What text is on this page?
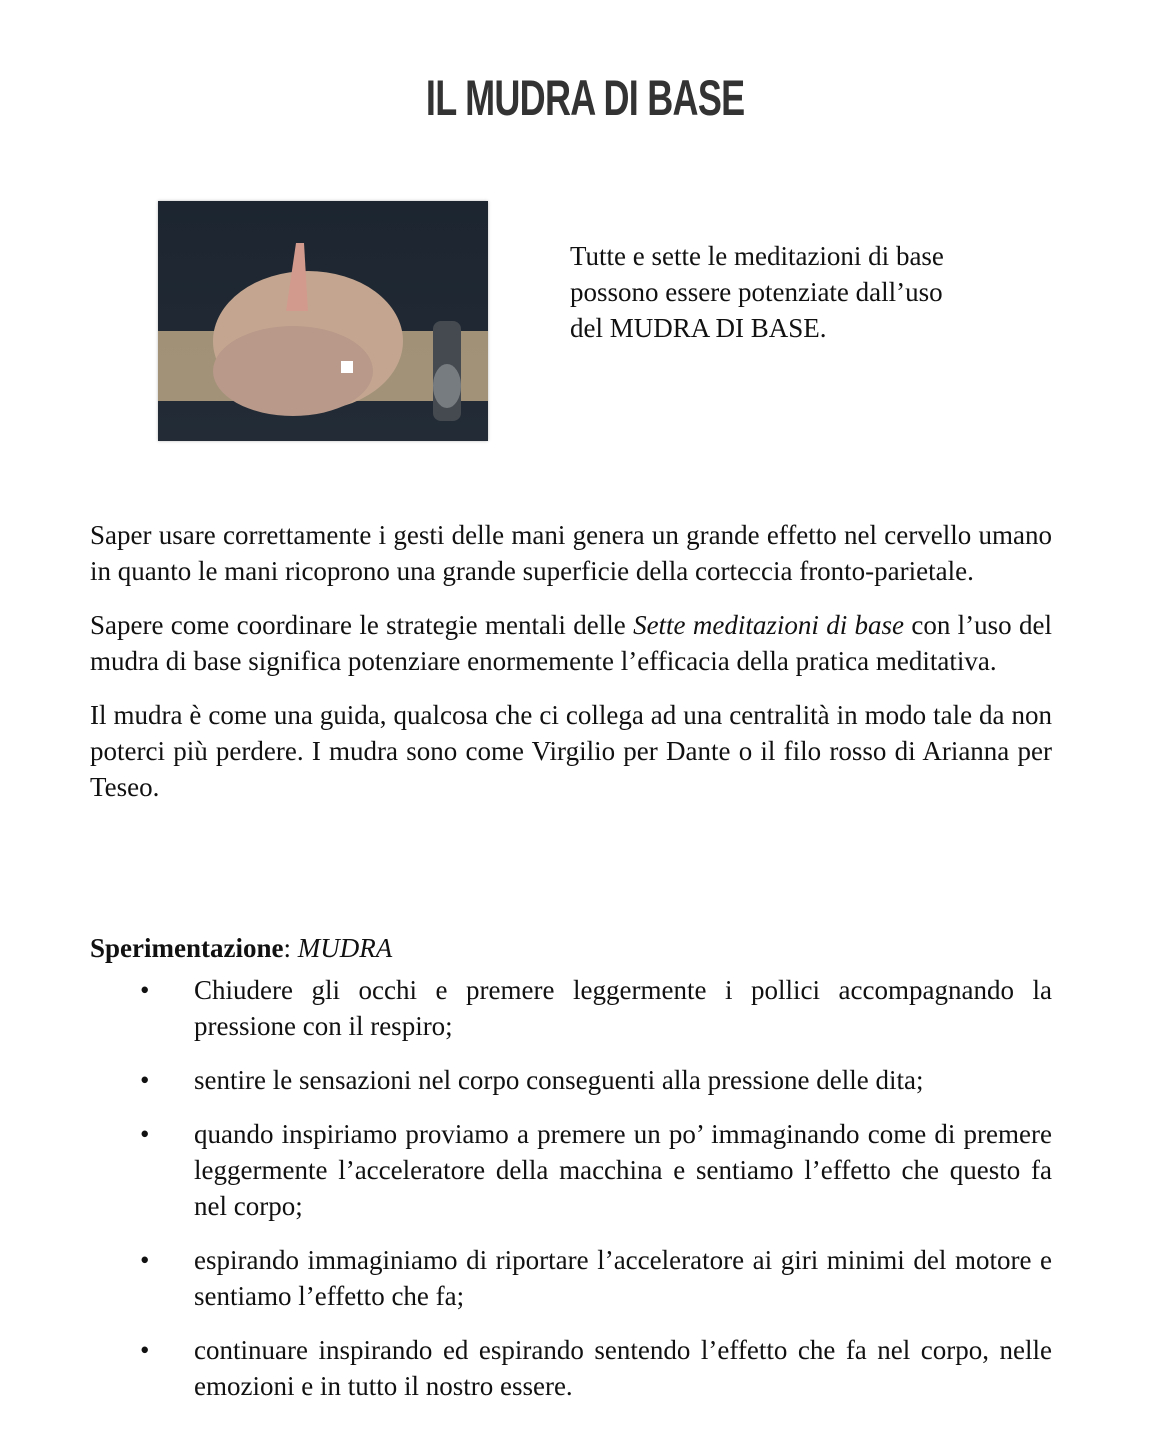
IL MUDRA DI BASE
Tutte e sette le meditazioni di base possono essere potenziate dall’uso del MUDRA DI BASE.

Saper usare correttamente i gesti delle mani genera un grande effetto nel cervello umano in quanto le mani ricoprono una grande superficie della corteccia fronto-parietale.

Sapere come coordinare le strategie mentali delle Sette meditazioni di base con l’uso del mudra di base significa potenziare enormemente l’efficacia della pratica meditativa.

Il mudra è come una guida, qualcosa che ci collega ad una centralità in modo tale da non poterci più perdere. I mudra sono come Virgilio per Dante o il filo rosso di Arianna per Teseo.

Sperimentazione: MUDRA
• Chiudere gli occhi e premere leggermente i pollici accompagnando la pressione con il respiro;
• sentire le sensazioni nel corpo conseguenti alla pressione delle dita;
• quando inspiriamo proviamo a premere un po’ immaginando come di premere leggermente l’acceleratore della macchina e sentiamo l’effetto che questo fa nel corpo;
• espirando immaginiamo di riportare l’acceleratore ai giri minimi del motore e sentiamo l’effetto che fa;
• continuare inspirando ed espirando sentendo l’effetto che fa nel corpo, nelle emozioni e in tutto il nostro essere.
